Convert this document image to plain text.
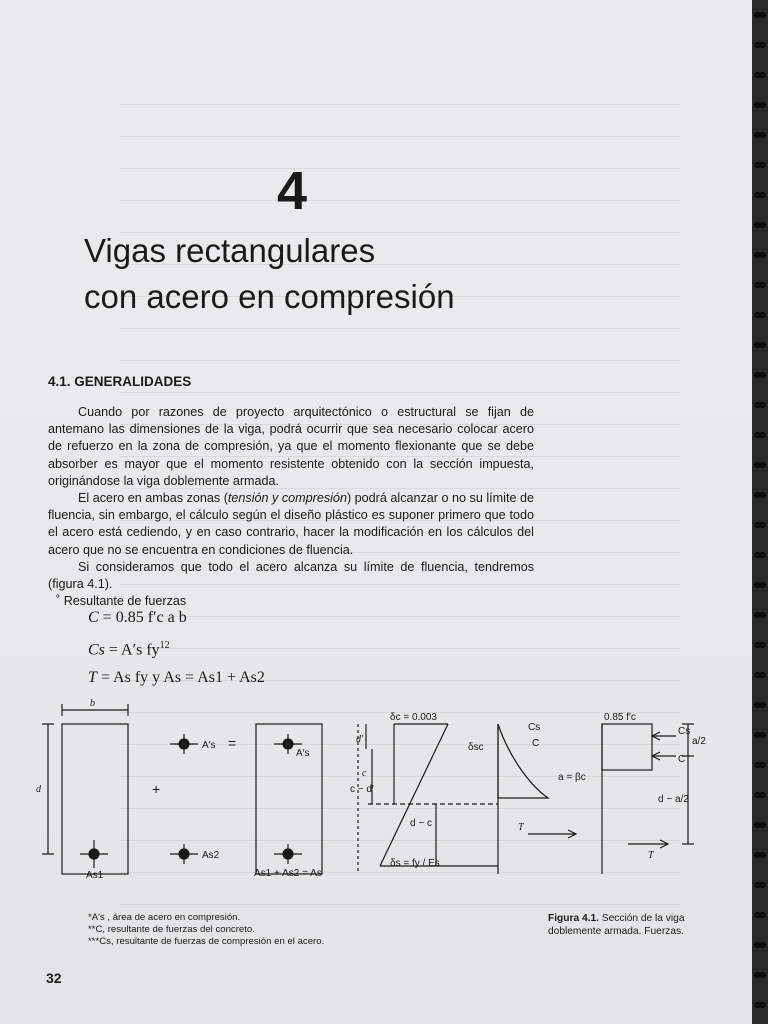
4
Vigas rectangulares
con acero en compresión
4.1. GENERALIDADES

Cuando por razones de proyecto arquitectónico o estructural se fijan de antemano las dimensiones de la viga, podrá ocurrir que sea necesario colocar acero de refuerzo en la zona de compresión, ya que el momento flexionante que se debe absorber es mayor que el momento resistente obtenido con la sección impuesta, originándose la viga doblemente armada.

El acero en ambas zonas (tensión y compresión) podrá alcanzar o no su límite de fluencia, sin embargo, el cálculo según el diseño plástico es suponer primero que todo el acero está cediendo, y en caso contrario, hacer la modificación en los cálculos del acero que no se encuentra en condiciones de fluencia.

Si consideramos que todo el acero alcanza su límite de fluencia, tendremos (figura 4.1).

˚ Resultante de fuerzas

C = 0.85 f′c a b
Cs = A′s $fy^{12}$
T = As fy y As = As1 + As2
b
d
As1
A′s
+
=
As2
A′s
As1 + As2 = As
δc = 0.003
d′
δsc
c
c − d′
d − c
δs = fy / Es
Cs
C
T
0.85 f′c
Cs
C
a = βc
a/2
d − a/2
T
*A′s , área de acero en compresión.
**C, resultante de fuerzas del concreto.
***Cs, resultante de fuerzas de compresión en el acero.
Figura 4.1. Sección de la viga doblemente armada. Fuerzas.
32
